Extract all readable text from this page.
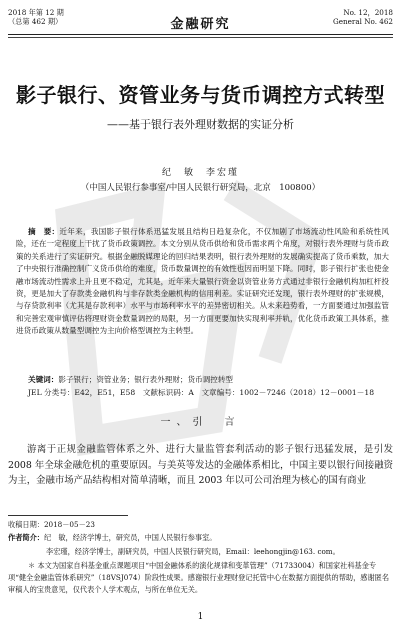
2018 年第 12 期
（总第 462 期）	金融研究
No. 12，2018
General No. 462
影子银行、资管业务与货币调控方式转型
——基于银行表外理财数据的实证分析
纪　敏　李宏瑾
（中国人民银行参事室/中国人民银行研究局，北京　100800）
摘　要：近年来，我国影子银行体系迅猛发展且结构日趋复杂化，不仅加剧了市场流动性风险和系统性风险，还在一定程度上干扰了货币政策调控。本文分别从货币供给和货币需求两个角度，对银行表外理财与货币政策的关系进行了实证研究。根据金融脱媒理论的回归结果表明，银行表外理财的发展确实提高了货币乘数，加大了中央银行准确控制广义货币供给的难度，货币数量调控的有效性也因而明显下降。同时，影子银行扩张也使金融市场流动性需求上升且更不稳定，尤其是，近年来大量银行资金以资管业务方式通过非银行金融机构加杠杆投资，更是加大了存款类金融机构与非存款类金融机构的信用利差。实证研究还发现，银行表外理财的扩张规模，与存贷款利率（尤其是存款利率）水平与市场利率水平的差异密切相关。从未来趋势看，一方面要通过加强监管和完善宏观审慎评估将理财资金数量调控的局限，另一方面更要加快实现利率并轨，优化货币政策工具体系，推进货币政策从数量型调控为主向价格型调控为主转型。
关键词：影子银行；资管业务；银行表外理财；货币调控转型
JEL 分类号：E42，E51，E58　文献标识码：A　文章编号：1002－7246（2018）12－0001－18
一、引　言
游离于正规金融监管体系之外、进行大量监管套利活动的影子银行迅猛发展，是引发 2008 年全球金融危机的重要原因。与美英等发达的金融体系相比，中国主要以银行间接融资为主，金融市场产品结构相对简单清晰，而且 2003 年以可公司治理为核心的国有商业
收稿日期：2018－05－23
作者简介：纪　敏，经济学博士，研究员，中国人民银行参事室。
李宏瑾，经济学博士，副研究员，中国人民银行研究局，Email：leehongjin@163. com。
＊ 本文为国家自科基金重点课题项目“中国金融体系的演化规律和变革管理”（71733004）和国家社科基金专项“健全金融监管体系研究”（18VSJ074）阶段性成果。感谢银行业理财登记托管中心在数据方面提供的帮助，感谢匿名审稿人的宝贵意见，仅代表个人学术观点，与所在单位无关。
1
